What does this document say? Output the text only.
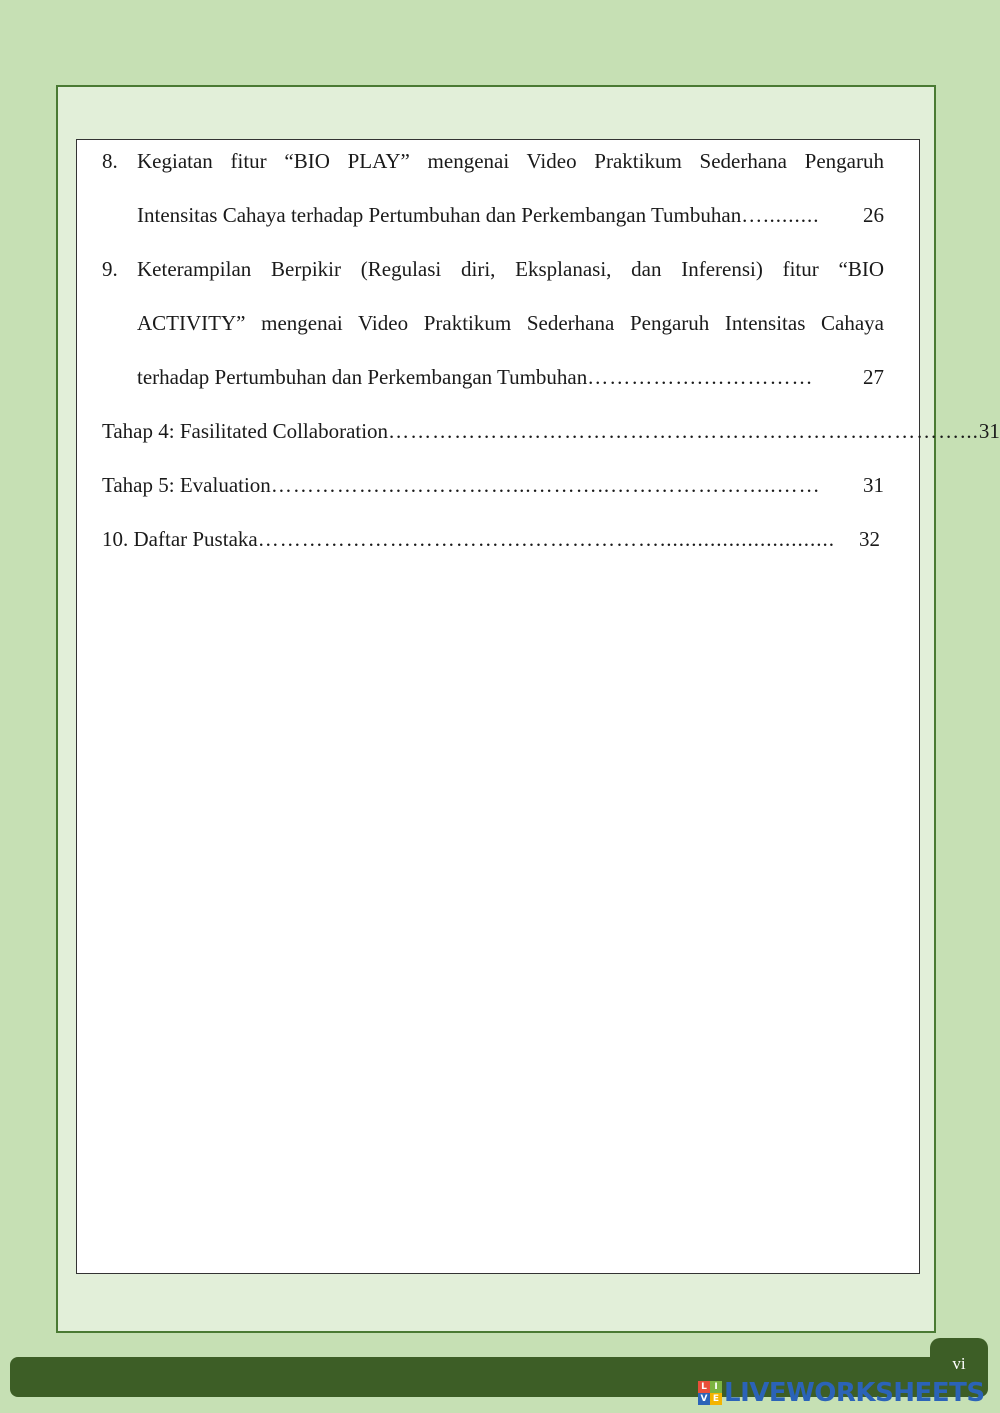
8. Kegiatan fitur “BIO PLAY” mengenai Video Praktikum Sederhana Pengaruh
Intensitas Cahaya terhadap Pertumbuhan dan Perkembangan Tumbuhan ….........	26
9. Keterampilan Berpikir (Regulasi diri, Eksplanasi, dan Inferensi) fitur “BIO
ACTIVITY” mengenai Video Praktikum Sederhana Pengaruh Intensitas Cahaya
terhadap Pertumbuhan dan Perkembangan Tumbuhan …………….……………	27
Tahap 4: Fasilitated Collaboration ……………………………………………………………………... 31
Tahap 5: Evaluation ……………………………...………..…………………..……	31
10. Daftar Pustaka ……………………………….………………............................	32
vi
L I
V E LIVEWORKSHEETS
